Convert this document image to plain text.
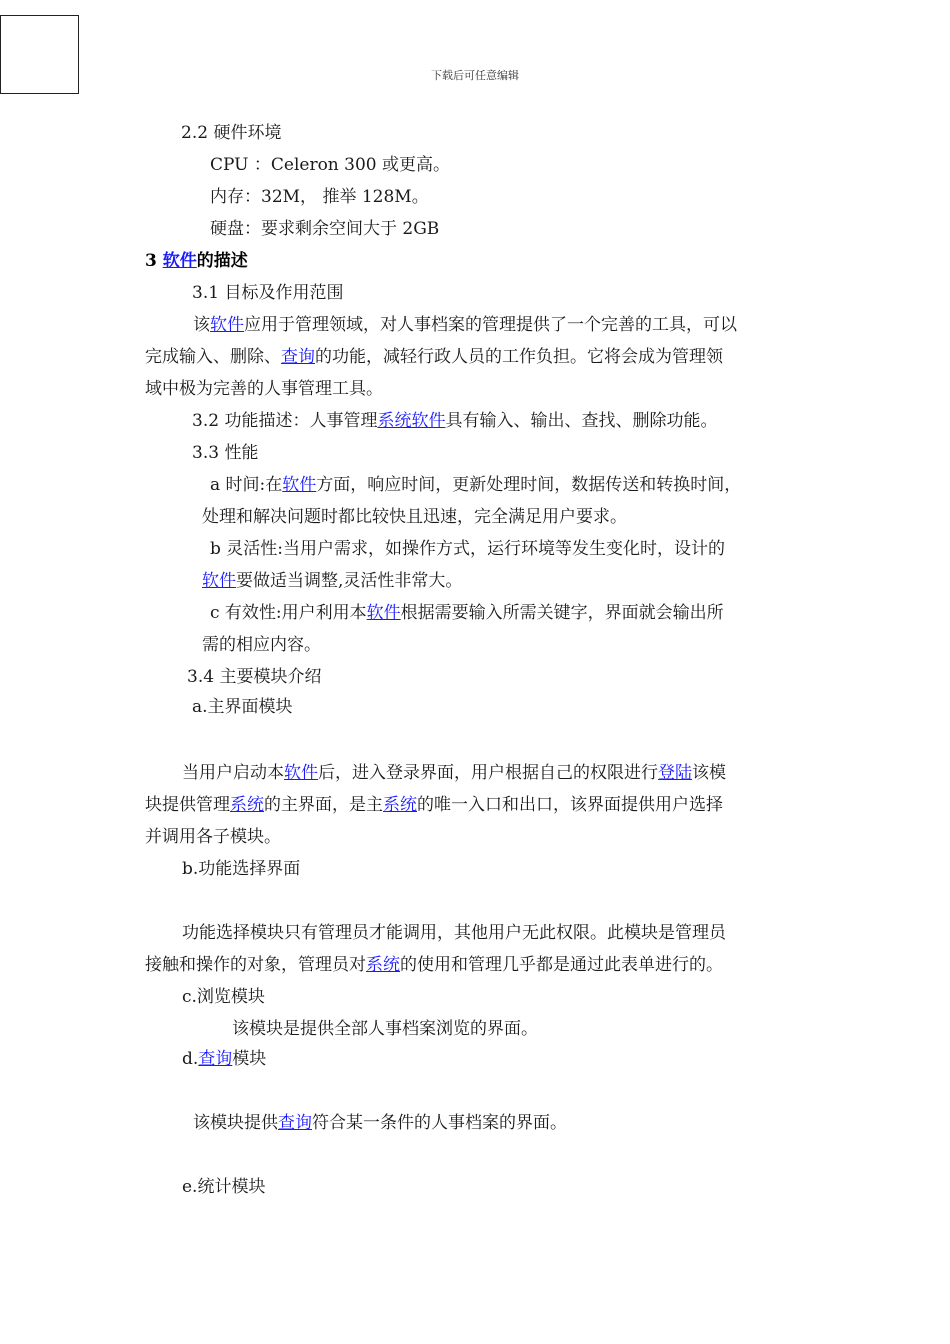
下载后可任意编辑
2.2 硬件环境
CPU ：Celeron 300 或更高。
内存：32M， 推举 128M。
硬盘：要求剩余空间大于 2GB
3 软件的描述
3.1 目标及作用范围
该软件应用于管理领域，对人事档案的管理提供了一个完善的工具，可以
完成输入、删除、查询的功能，减轻行政人员的工作负担。它将会成为管理领
域中极为完善的人事管理工具。
3.2 功能描述：人事管理系统软件具有输入、输出、查找、删除功能。
3.3 性能
a 时间:在软件方面，响应时间，更新处理时间，数据传送和转换时间，
处理和解决问题时都比较快且迅速，完全满足用户要求。
b 灵活性:当用户需求，如操作方式，运行环境等发生变化时，设计的
软件要做适当调整,灵活性非常大。
c 有效性:用户利用本软件根据需要输入所需关键字，界面就会输出所
需的相应内容。
3.4 主要模块介绍
a.主界面模块
当用户启动本软件后，进入登录界面，用户根据自己的权限进行登陆该模
块提供管理系统的主界面，是主系统的唯一入口和出口，该界面提供用户选择
并调用各子模块。
b.功能选择界面
功能选择模块只有管理员才能调用，其他用户无此权限。此模块是管理员
接触和操作的对象，管理员对系统的使用和管理几乎都是通过此表单进行的。
c.浏览模块
该模块是提供全部人事档案浏览的界面。
d.查询模块
该模块提供查询符合某一条件的人事档案的界面。
e.统计模块
